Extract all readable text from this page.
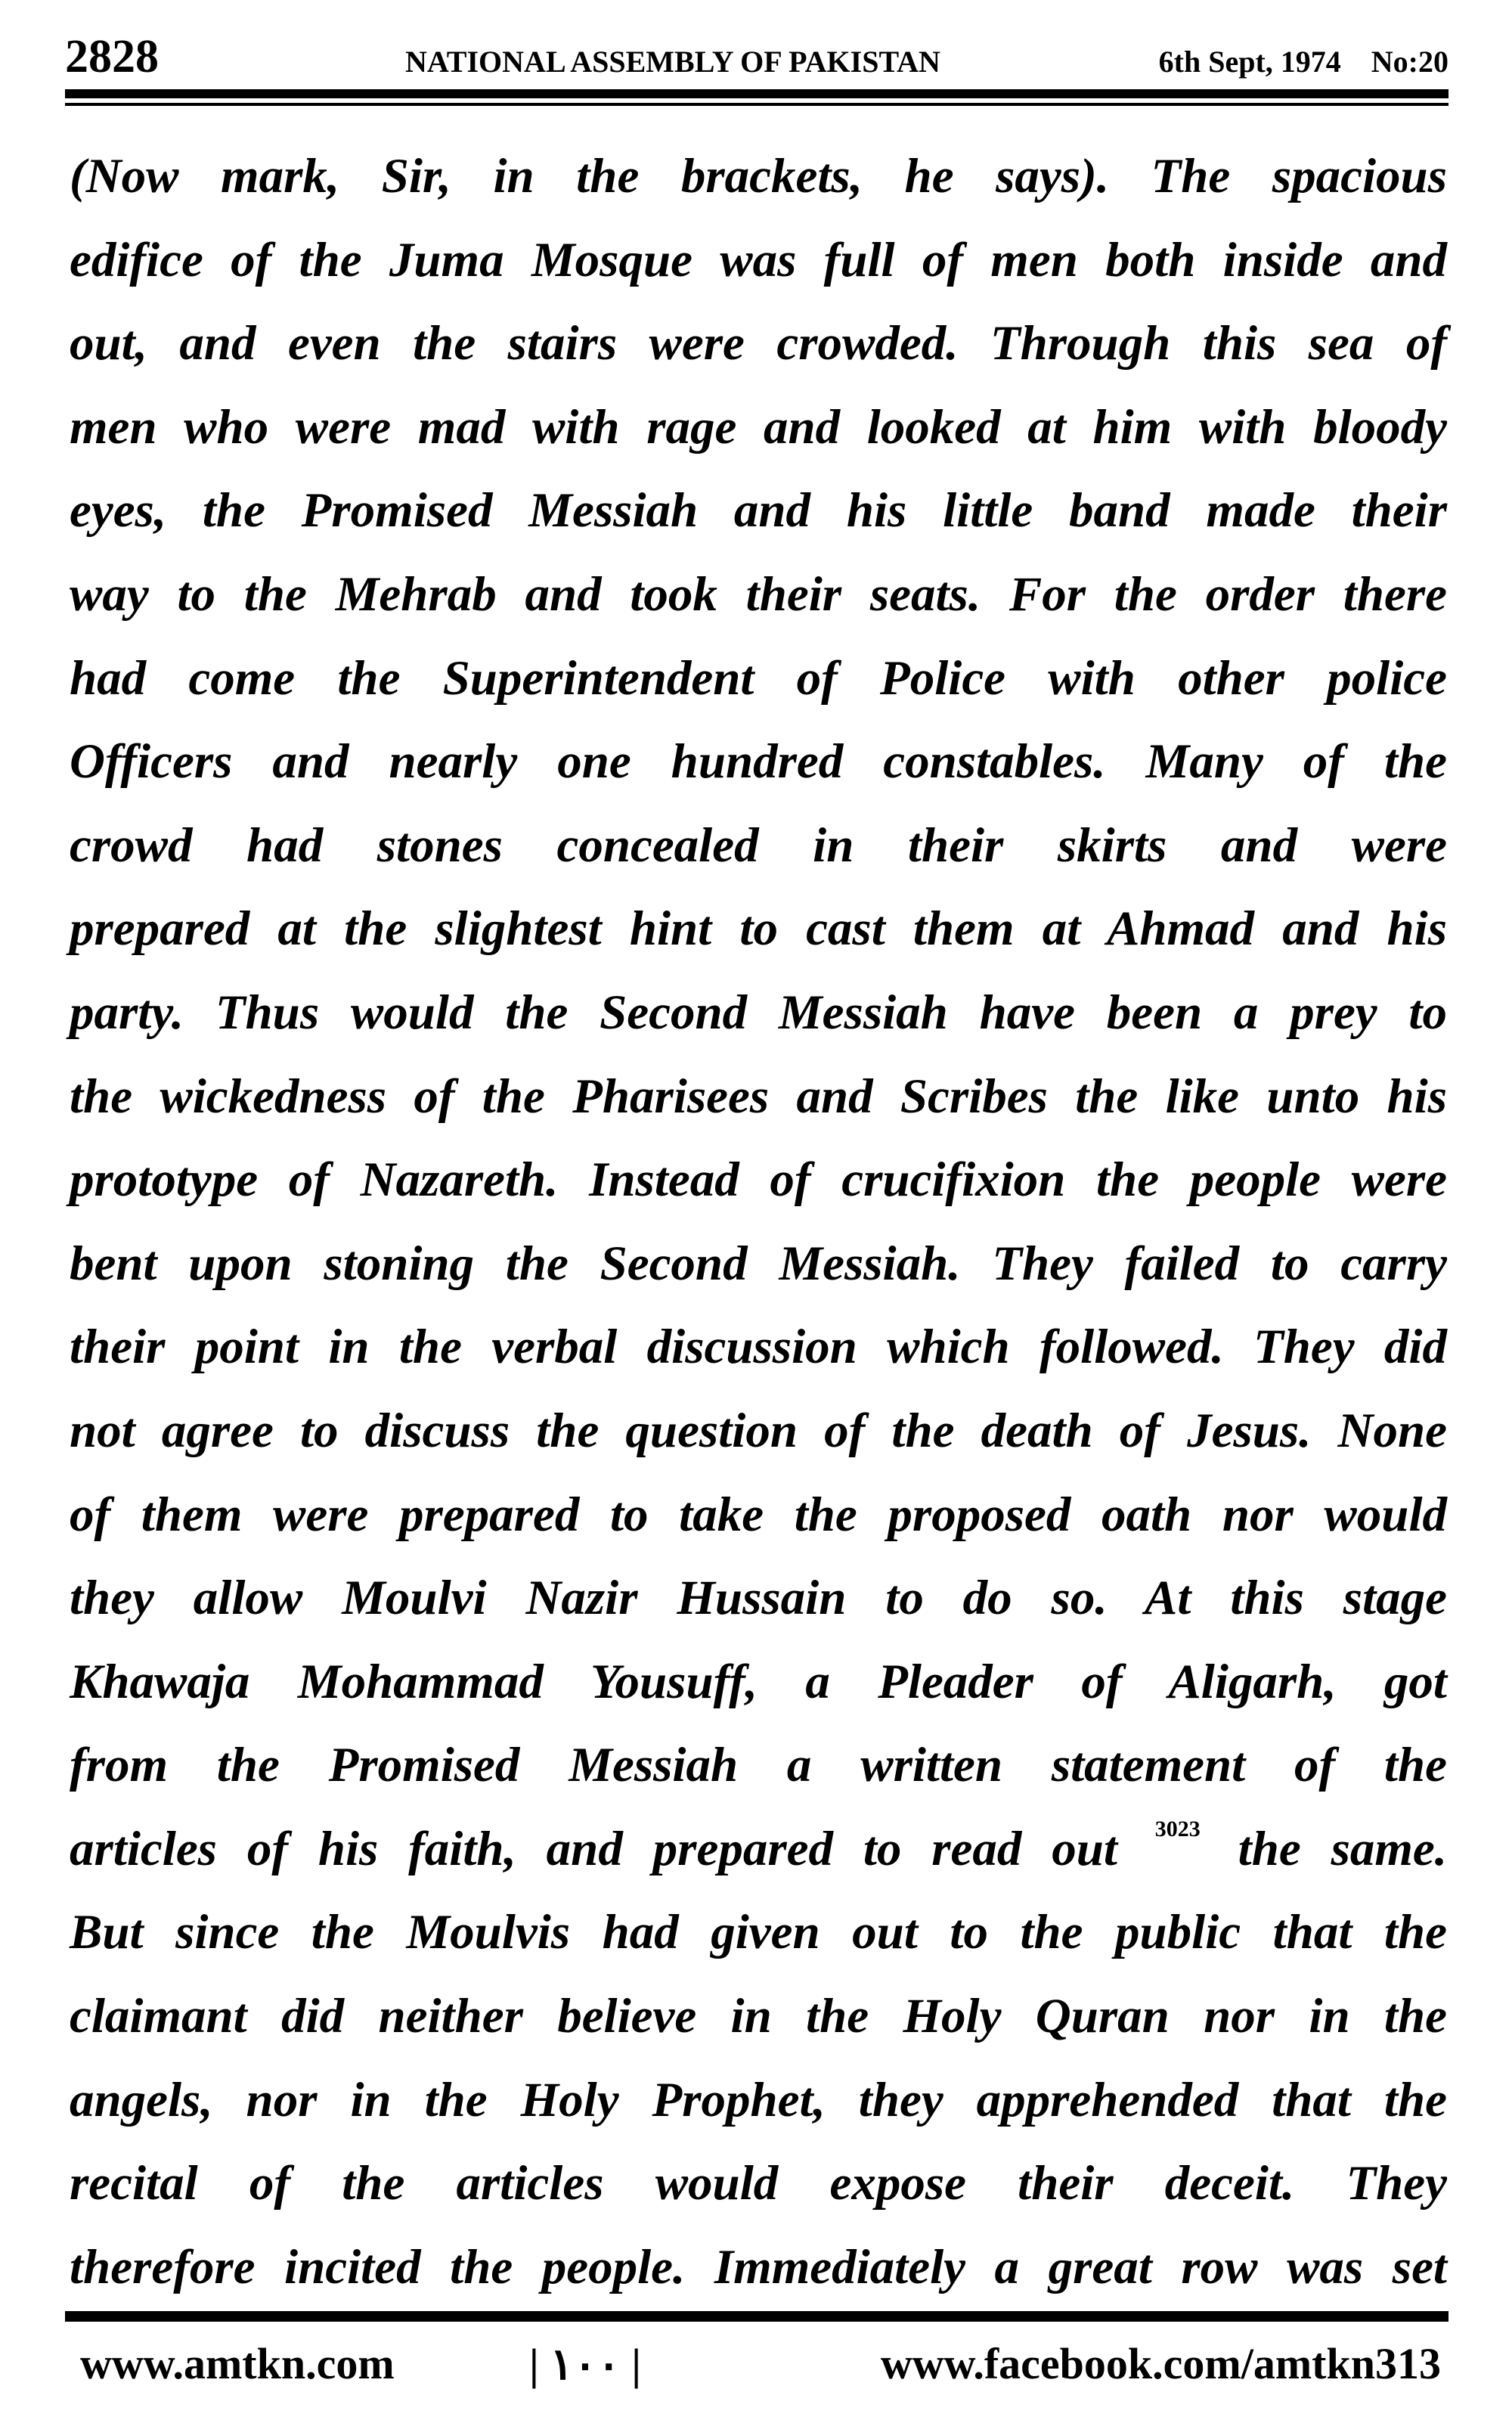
2828	NATIONAL ASSEMBLY OF PAKISTAN	6th Sept, 1974    No:20
(Now mark, Sir, in the brackets, he says). The spacious
edifice of the Juma Mosque was full of men both inside and
out, and even the stairs were crowded. Through this sea of
men who were mad with rage and looked at him with bloody
eyes, the Promised Messiah and his little band made their
way to the Mehrab and took their seats. For the order there
had come the Superintendent of Police with other police
Officers and nearly one hundred constables. Many of the
crowd had stones concealed in their skirts and were
prepared at the slightest hint to cast them at Ahmad and his
party. Thus would the Second Messiah have been a prey to
the wickedness of the Pharisees and Scribes the like unto his
prototype of Nazareth. Instead of crucifixion the people were
bent upon stoning the Second Messiah. They failed to carry
their point in the verbal discussion which followed. They did
not agree to discuss the question of the death of Jesus. None
of them were prepared to take the proposed oath nor would
they allow Moulvi Nazir Hussain to do so. At this stage
Khawaja Mohammad Yousuff, a Pleader of Aligarh, got
from the Promised Messiah a written statement of the
articles of his faith, and prepared to read out $^{3023}$ the same.
But since the Moulvis had given out to the public that the
claimant did neither believe in the Holy Quran nor in the
angels, nor in the Holy Prophet, they apprehended that the
recital of the articles would expose their deceit. They
therefore incited the people. Immediately a great row was set
www.amtkn.com	| ۱۰۰ |	www.facebook.com/amtkn313
